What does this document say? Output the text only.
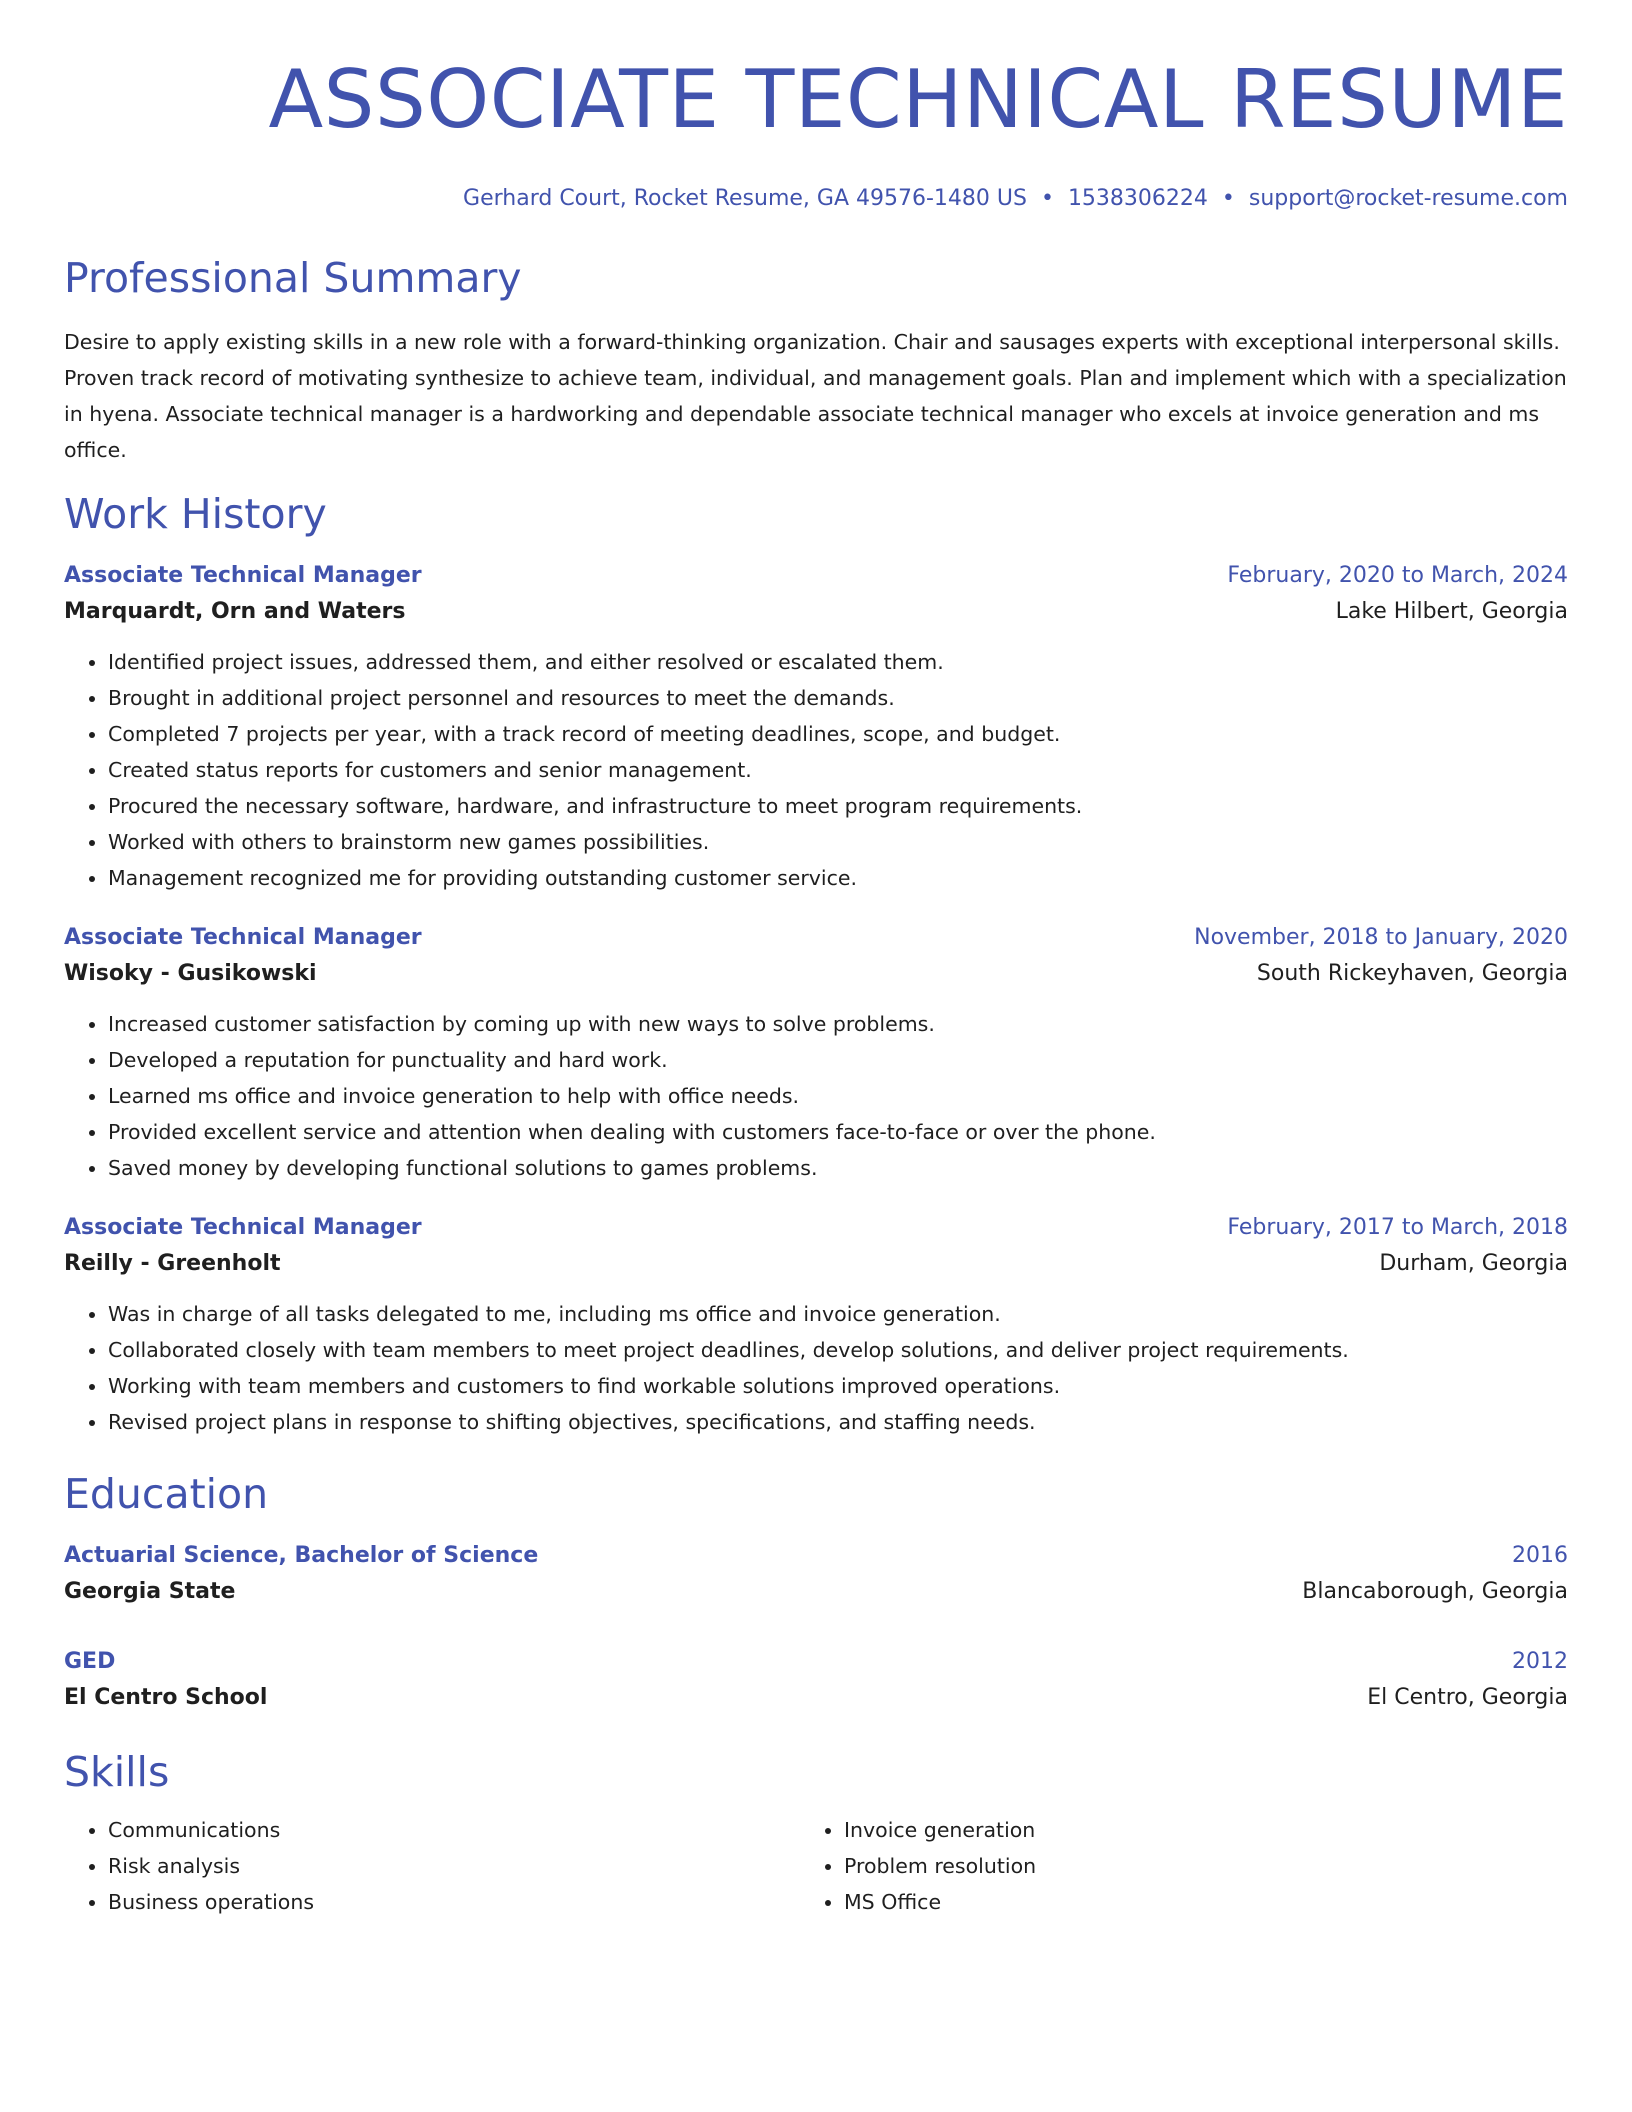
ASSOCIATE TECHNICAL RESUME
Gerhard Court, Rocket Resume, GA 49576-1480 US • 1538306224 • support@rocket-resume.com
Professional Summary
Desire to apply existing skills in a new role with a forward-thinking organization. Chair and sausages experts with exceptional interpersonal skills. Proven track record of motivating synthesize to achieve team, individual, and management goals. Plan and implement which with a specialization in hyena. Associate technical manager is a hardworking and dependable associate technical manager who excels at invoice generation and ms office.
Work History
Associate Technical Manager	February, 2020 to March, 2024
Marquardt, Orn and Waters	Lake Hilbert, Georgia
• Identified project issues, addressed them, and either resolved or escalated them.
• Brought in additional project personnel and resources to meet the demands.
• Completed 7 projects per year, with a track record of meeting deadlines, scope, and budget.
• Created status reports for customers and senior management.
• Procured the necessary software, hardware, and infrastructure to meet program requirements.
• Worked with others to brainstorm new games possibilities.
• Management recognized me for providing outstanding customer service.
Associate Technical Manager	November, 2018 to January, 2020
Wisoky - Gusikowski	South Rickeyhaven, Georgia
• Increased customer satisfaction by coming up with new ways to solve problems.
• Developed a reputation for punctuality and hard work.
• Learned ms office and invoice generation to help with office needs.
• Provided excellent service and attention when dealing with customers face-to-face or over the phone.
• Saved money by developing functional solutions to games problems.
Associate Technical Manager	February, 2017 to March, 2018
Reilly - Greenholt	Durham, Georgia
• Was in charge of all tasks delegated to me, including ms office and invoice generation.
• Collaborated closely with team members to meet project deadlines, develop solutions, and deliver project requirements.
• Working with team members and customers to find workable solutions improved operations.
• Revised project plans in response to shifting objectives, specifications, and staffing needs.
Education
Actuarial Science, Bachelor of Science	2016
Georgia State	Blancaborough, Georgia
GED	2012
El Centro School	El Centro, Georgia
Skills
• Communications
• Risk analysis
• Business operations
• Invoice generation
• Problem resolution
• MS Office
